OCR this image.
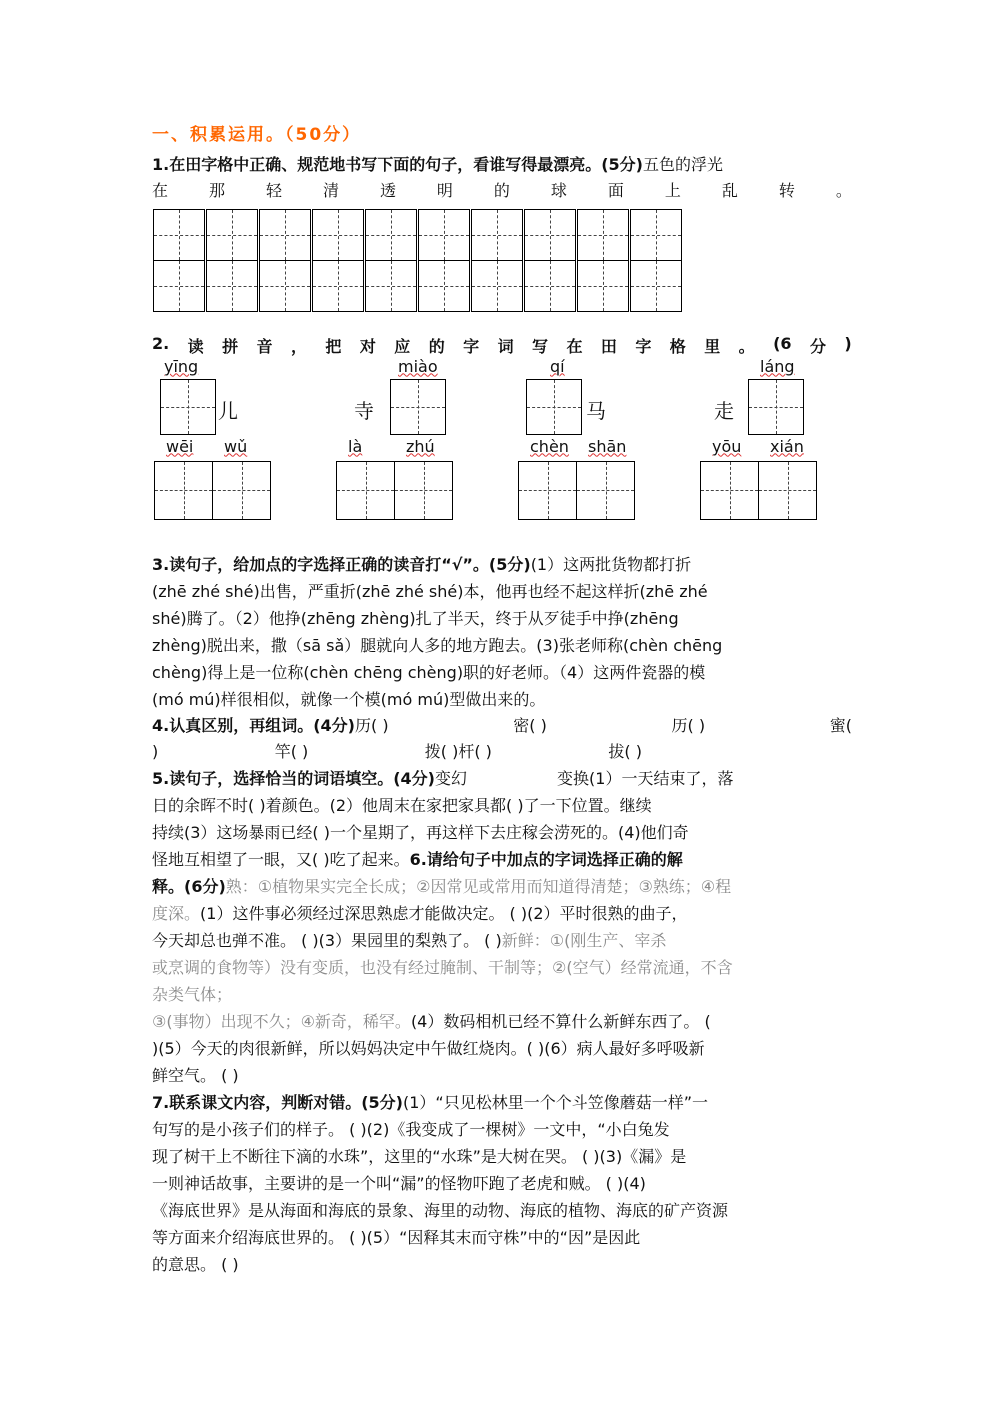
一、积累运用。（50分）

1.在田字格中正确、规范地书写下面的句子，看谁写得最漂亮。(5分)五色的浮光

在	那	轻	清	透	明	的	球	面	上	乱	转	。
2. 读 拼 音 ， 把 对 应 的 字 词 写 在 田 字 格 里 。 (6 分 )
yīng
儿
miào
寺
qí
马
láng
走
wēi wǔ	là	zhú	chèn shān	yōu xián

3.读句子，给加点的字选择正确的读音打“√”。(5分)(1）这两批货物都打折

(zhē zhé shé)出售，严重折(zhē zhé shé)本，他再也经不起这样折(zhē zhé

shé)腾了。（2）他挣(zhēng zhèng)扎了半天，终于从歹徒手中挣(zhēng

zhèng)脱出来，撒（sā sǎ）腿就向人多的地方跑去。(3)张老师称(chèn chēng

chèng)得上是一位称(chèn chēng chèng)职的好老师。（4）这两件瓷器的模

(mó mú)样很相似，就像一个模(mó mú)型做出来的。

4.认真区别，再组词。(4分)历( )	密( )	历( )	蜜(
)	竿( )	拨( )杆( )	拔( )

5.读句子，选择恰当的词语填空。(4分)变幻	变换(1）一天结束了，落

日的余晖不时( )着颜色。(2）他周末在家把家具都( )了一下位置。继续

持续(3）这场暴雨已经( )一个星期了，再这样下去庄稼会涝死的。(4)他们奇

怪地互相望了一眼，又( )吃了起来。6.请给句子中加点的字词选择正确的解

释。(6分)熟：①植物果实完全长成；②因常见或常用而知道得清楚；③熟练；④程

度深。(1）这件事必须经过深思熟虑才能做决定。 ( )(2）平时很熟的曲子，

今天却总也弹不准。 ( )(3）果园里的梨熟了。 ( )新鲜：①(刚生产、宰杀

或烹调的食物等）没有变质，也没有经过腌制、干制等；②(空气）经常流通，不含

杂类气体；

③(事物）出现不久；④新奇，稀罕。(4）数码相机已经不算什么新鲜东西了。 (

)(5）今天的肉很新鲜，所以妈妈决定中午做红烧肉。( )(6）病人最好多呼吸新

鲜空气。 ( )

7.联系课文内容，判断对错。(5分)(1）“只见松林里一个个斗笠像蘑菇一样”一

句写的是小孩子们的样子。 ( )(2)《我变成了一棵树》一文中，“小白兔发

现了树干上不断往下滴的水珠”，这里的“水珠”是大树在哭。 ( )(3)《漏》是

一则神话故事，主要讲的是一个叫“漏”的怪物吓跑了老虎和贼。 ( )(4)

《海底世界》是从海面和海底的景象、海里的动物、海底的植物、海底的矿产资源

等方面来介绍海底世界的。 ( )(5）“因释其末而守株”中的“因”是因此

的意思。 ( )
